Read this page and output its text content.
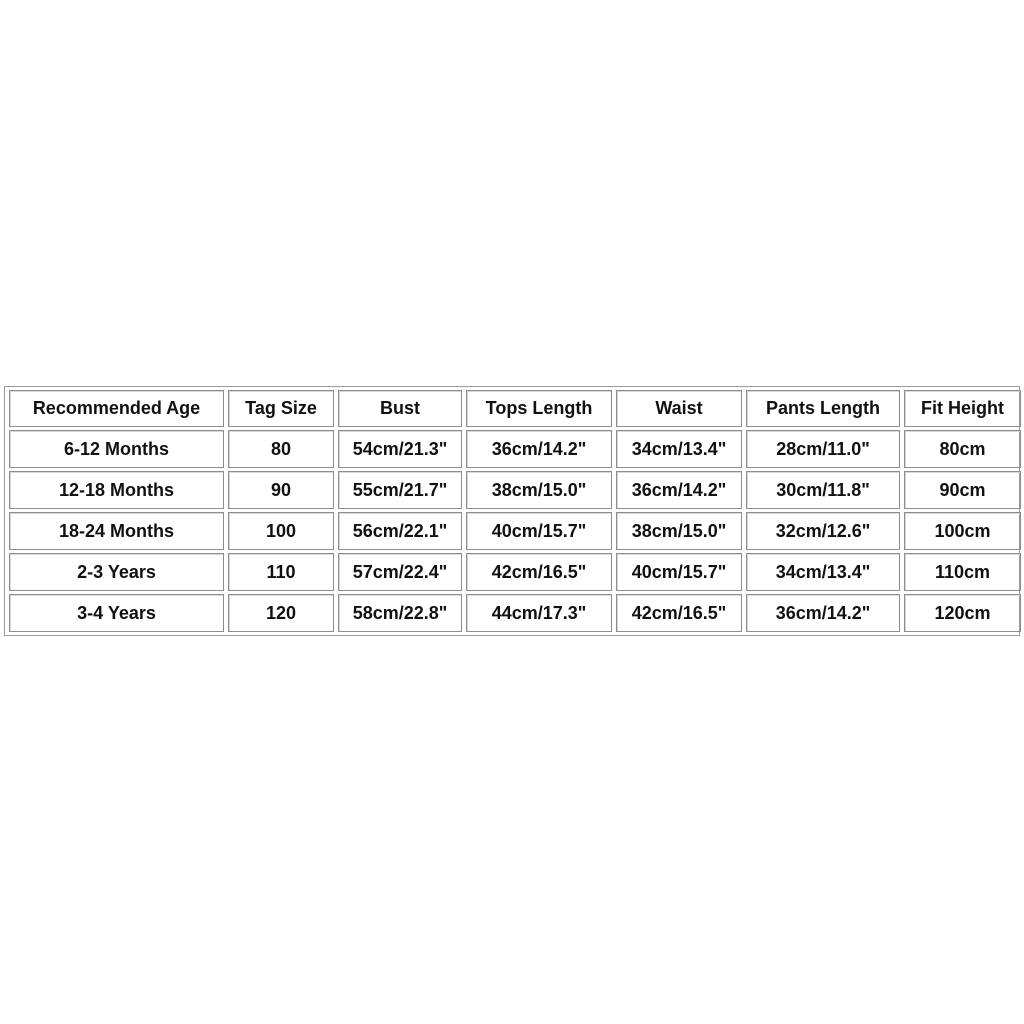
Recommended Age	Tag Size	Bust	Tops Length	Waist	Pants Length	Fit Height
6-12 Months	80	54cm/21.3"	36cm/14.2"	34cm/13.4"	28cm/11.0"	80cm
12-18 Months	90	55cm/21.7"	38cm/15.0"	36cm/14.2"	30cm/11.8"	90cm
18-24 Months	100	56cm/22.1"	40cm/15.7"	38cm/15.0"	32cm/12.6"	100cm
2-3 Years	110	57cm/22.4"	42cm/16.5"	40cm/15.7"	34cm/13.4"	110cm
3-4 Years	120	58cm/22.8"	44cm/17.3"	42cm/16.5"	36cm/14.2"	120cm
